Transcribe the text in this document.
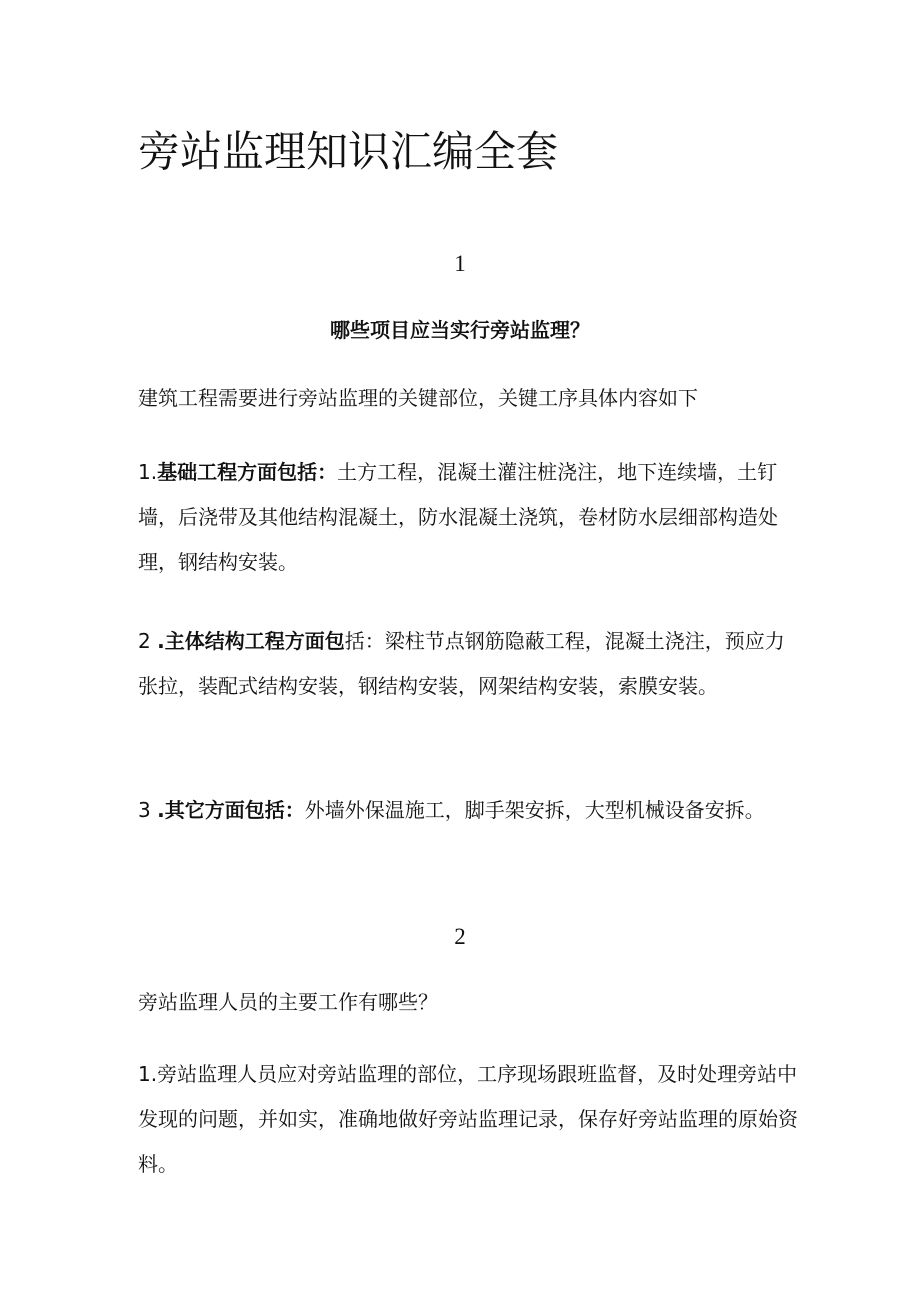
旁站监理知识汇编全套
1
哪些项目应当实行旁站监理？
建筑工程需要进行旁站监理的关键部位，关键工序具体内容如下
1.基础工程方面包括：土方工程，混凝土灌注桩浇注，地下连续墙，土钉墙，后浇带及其他结构混凝土，防水混凝土浇筑，卷材防水层细部构造处理，钢结构安装。
2 .主体结构工程方面包括：梁柱节点钢筋隐蔽工程，混凝土浇注，预应力张拉，装配式结构安装，钢结构安装，网架结构安装，索膜安装。
3 .其它方面包括：外墙外保温施工，脚手架安拆，大型机械设备安拆。
2
旁站监理人员的主要工作有哪些？
1.旁站监理人员应对旁站监理的部位，工序现场跟班监督，及时处理旁站中发现的问题，并如实，准确地做好旁站监理记录，保存好旁站监理的原始资料。
